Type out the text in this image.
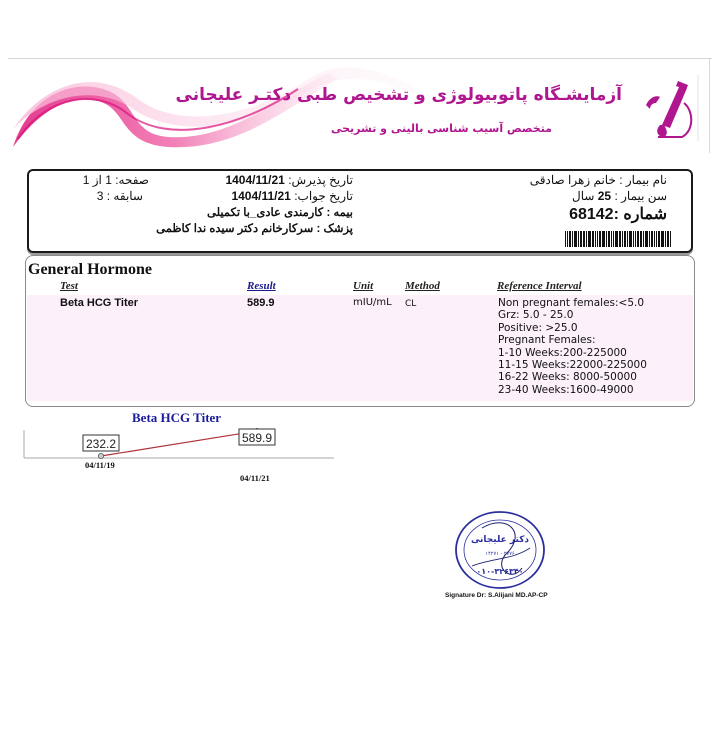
آزمایشـگاه پاتوبیولوژی و تشخیص طبی دکتـر علیجانی
متخصص آسیب شناسی بالینی و تشریحی
نام بیمار : خانم زهرا صادقی
سن بیمار : 25 سال
شماره :68142
تاریخ پذیرش: 1404/11/21
تاریخ جواب: 1404/11/21
بیمه : کارمندی عادی_با تکمیلی
پزشک : سرکارخانم دکتر سیده ندا کاظمی
صفحه: 1 از 1
سابقه : 3
General Hormone
Test	Result	Unit	Method	Reference Interval
Beta HCG Titer	589.9	mIU/mL CL	Non pregnant females:<5.0
Grz: 5.0 - 25.0
Positive: >25.0
Pregnant Females:
1-10 Weeks:200-225000
11-15 Weeks:22000-225000
16-22 Weeks: 8000-50000
23-40 Weeks:1600-49000
Beta HCG Titer
232.2	589.9
04/11/19
04/11/21
دکتر علیجانی
۱۴۲۷۱ - ۲۷۷۶
۰۱۰-۳۲۶۳۴۰
Signature Dr: S.Alijani MD.AP-CP
